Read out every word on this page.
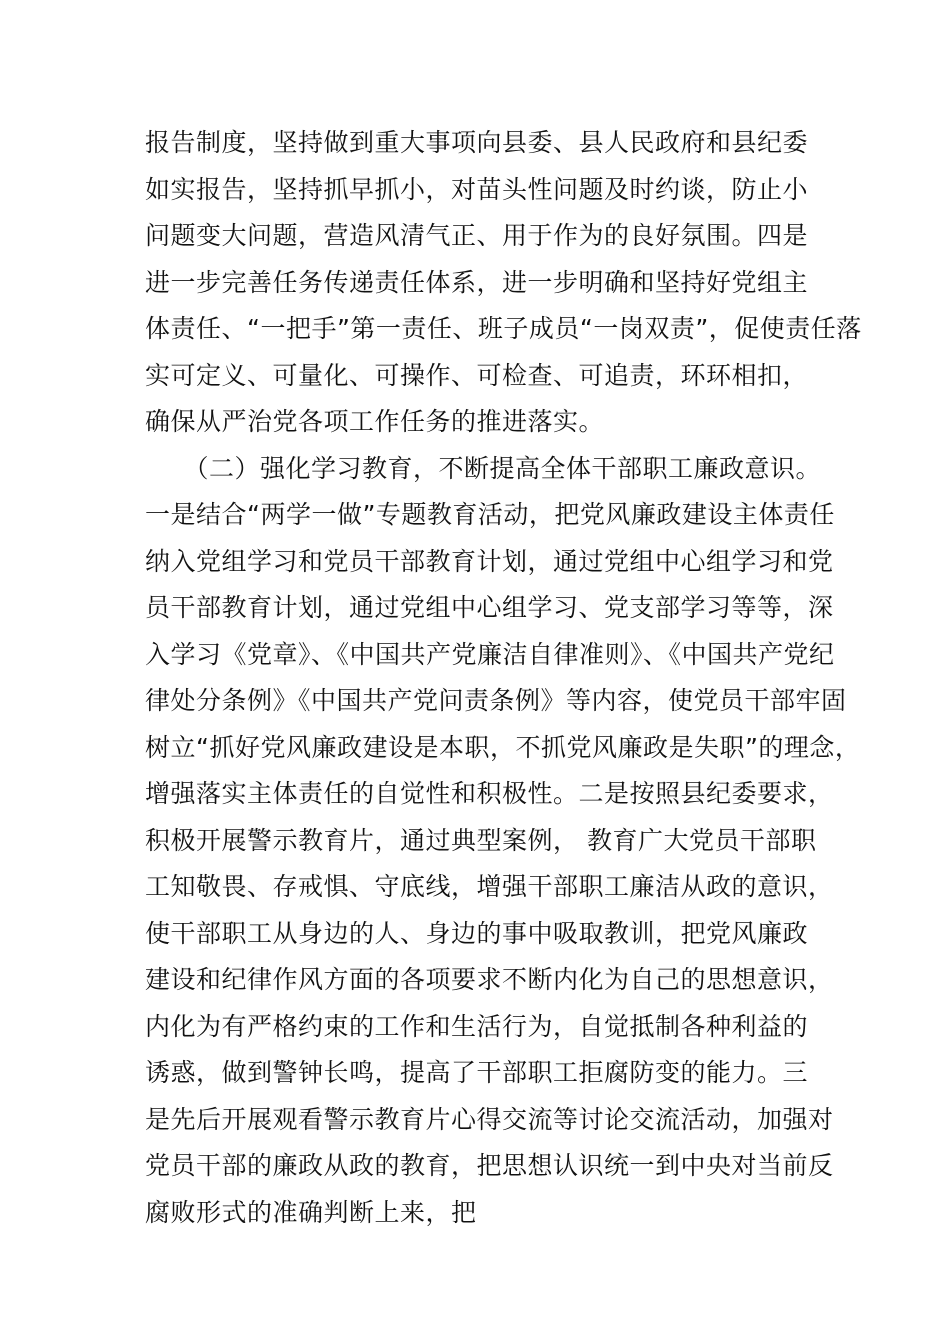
报告制度，坚持做到重大事项向县委、县人民政府和县纪委

如实报告，坚持抓早抓小，对苗头性问题及时约谈，防止小

问题变大问题，营造风清气正、用于作为的良好氛围。四是

进一步完善任务传递责任体系，进一步明确和坚持好党组主

体责任、“一把手”第一责任、班子成员“一岗双责”，促使责任落

实可定义、可量化、可操作、可检查、可追责，环环相扣，

确保从严治党各项工作任务的推进落实。

　　（二）强化学习教育，不断提高全体干部职工廉政意识。

一是结合“两学一做”专题教育活动，把党风廉政建设主体责任

纳入党组学习和党员干部教育计划，通过党组中心组学习和党

员干部教育计划，通过党组中心组学习、党支部学习等等，深

入学习《党章》、《中国共产党廉洁自律准则》、《中国共产党纪

律处分条例》《中国共产党问责条例》等内容，使党员干部牢固

树立“抓好党风廉政建设是本职，不抓党风廉政是失职”的理念，

增强落实主体责任的自觉性和积极性。二是按照县纪委要求，

积极开展警示教育片，通过典型案例， 教育广大党员干部职

工知敬畏、存戒惧、守底线，增强干部职工廉洁从政的意识，

使干部职工从身边的人、身边的事中吸取教训，把党风廉政

建设和纪律作风方面的各项要求不断内化为自己的思想意识，

内化为有严格约束的工作和生活行为，自觉抵制各种利益的

诱惑，做到警钟长鸣，提高了干部职工拒腐防变的能力。三

是先后开展观看警示教育片心得交流等讨论交流活动，加强对

党员干部的廉政从政的教育，把思想认识统一到中央对当前反

腐败形式的准确判断上来，把
